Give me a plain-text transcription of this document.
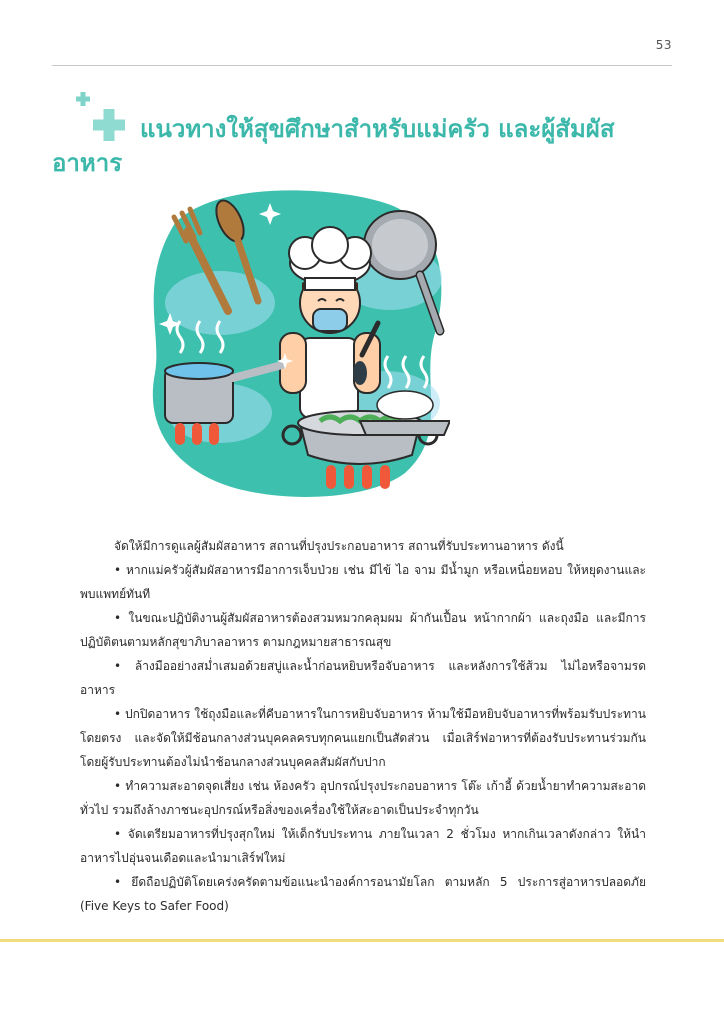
53
แนวทางให้สุขศึกษาสำหรับแม่ครัว และผู้สัมผัสอาหาร

จัดให้มีการดูแลผู้สัมผัสอาหาร สถานที่ปรุงประกอบอาหาร สถานที่รับประทานอาหาร ดังนี้

• หากแม่ครัวผู้สัมผัสอาหารมีอาการเจ็บป่วย เช่น มีไข้ ไอ จาม มีน้ำมูก หรือเหนื่อยหอบ ให้หยุดงานและพบแพทย์ทันที

• ในขณะปฏิบัติงานผู้สัมผัสอาหารต้องสวมหมวกคลุมผม ผ้ากันเปื้อน หน้ากากผ้า และถุงมือ และมีการปฏิบัติตนตามหลักสุขาภิบาลอาหาร ตามกฎหมายสาธารณสุข

• ล้างมืออย่างสม่ำเสมอด้วยสบู่และน้ำก่อนหยิบหรือจับอาหาร และหลังการใช้ส้วม ไม่ไอหรือจามรดอาหาร

• ปกปิดอาหาร ใช้ถุงมือและที่คีบอาหารในการหยิบจับอาหาร ห้ามใช้มือหยิบจับอาหารที่พร้อมรับประทานโดยตรง และจัดให้มีช้อนกลางส่วนบุคคลครบทุกคนแยกเป็นสัดส่วน เมื่อเสิร์ฟอาหารที่ต้องรับประทานร่วมกันโดยผู้รับประทานต้องไม่นำช้อนกลางส่วนบุคคลสัมผัสกับปาก

• ทำความสะอาดจุดเสี่ยง เช่น ห้องครัว อุปกรณ์ปรุงประกอบอาหาร โต๊ะ เก้าอี้ ด้วยน้ำยาทำความสะอาดทั่วไป รวมถึงล้างภาชนะอุปกรณ์หรือสิ่งของเครื่องใช้ให้สะอาดเป็นประจำทุกวัน

• จัดเตรียมอาหารที่ปรุงสุกใหม่ ให้เด็กรับประทาน ภายในเวลา 2 ชั่วโมง หากเกินเวลาดังกล่าว ให้นำอาหารไปอุ่นจนเดือดและนำมาเสิร์ฟใหม่

• ยึดถือปฏิบัติโดยเคร่งครัดตามข้อแนะนำองค์การอนามัยโลก ตามหลัก 5 ประการสู่อาหารปลอดภัย (Five Keys to Safer Food)
